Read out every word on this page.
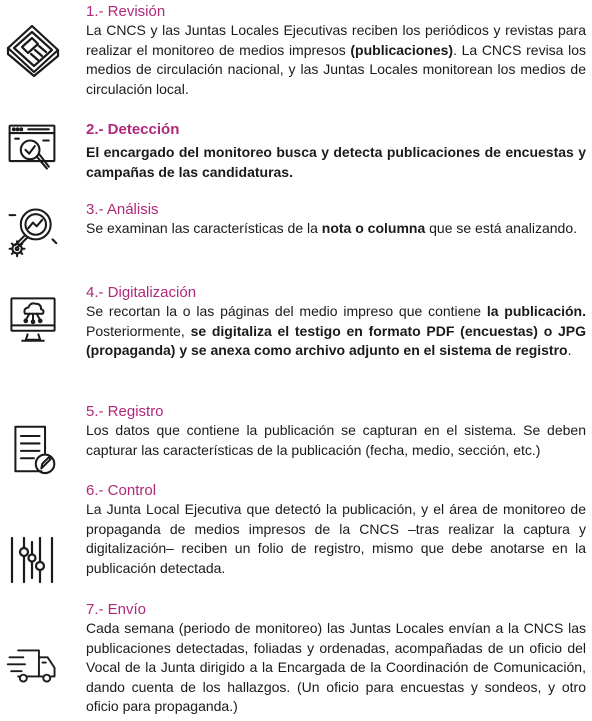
1.- Revisión
La CNCS y las Juntas Locales Ejecutivas reciben los periódicos y revistas para realizar el monitoreo de medios impresos (publicaciones). La CNCS revisa los medios de circulación nacional, y las Juntas Locales monitorean los medios de circulación local.
2.- Detección
El encargado del monitoreo busca y detecta publicaciones de encuestas y campañas de las candidaturas.
3.- Análisis
Se examinan las características de la nota o columna que se está analizando.
4.- Digitalización
Se recortan la o las páginas del medio impreso que contiene la publicación. Posteriormente, se digitaliza el testigo en formato PDF (encuestas) o JPG (propaganda) y se anexa como archivo adjunto en el sistema de registro.
5.- Registro
Los datos que contiene la publicación se capturan en el sistema. Se deben capturar las características de la publicación (fecha, medio, sección, etc.)
6.- Control
La Junta Local Ejecutiva que detectó la publicación, y el área de monitoreo de propaganda de medios impresos de la CNCS –tras realizar la captura y digitalización– reciben un folio de registro, mismo que debe anotarse en la publicación detectada.
7.- Envío
Cada semana (periodo de monitoreo) las Juntas Locales envían a la CNCS las publicaciones detectadas, foliadas y ordenadas, acompañadas de un oficio del Vocal de la Junta dirigido a la Encargada de la Coordinación de Comunicación, dando cuenta de los hallazgos. (Un oficio para encuestas y sondeos, y otro oficio para propaganda.)
